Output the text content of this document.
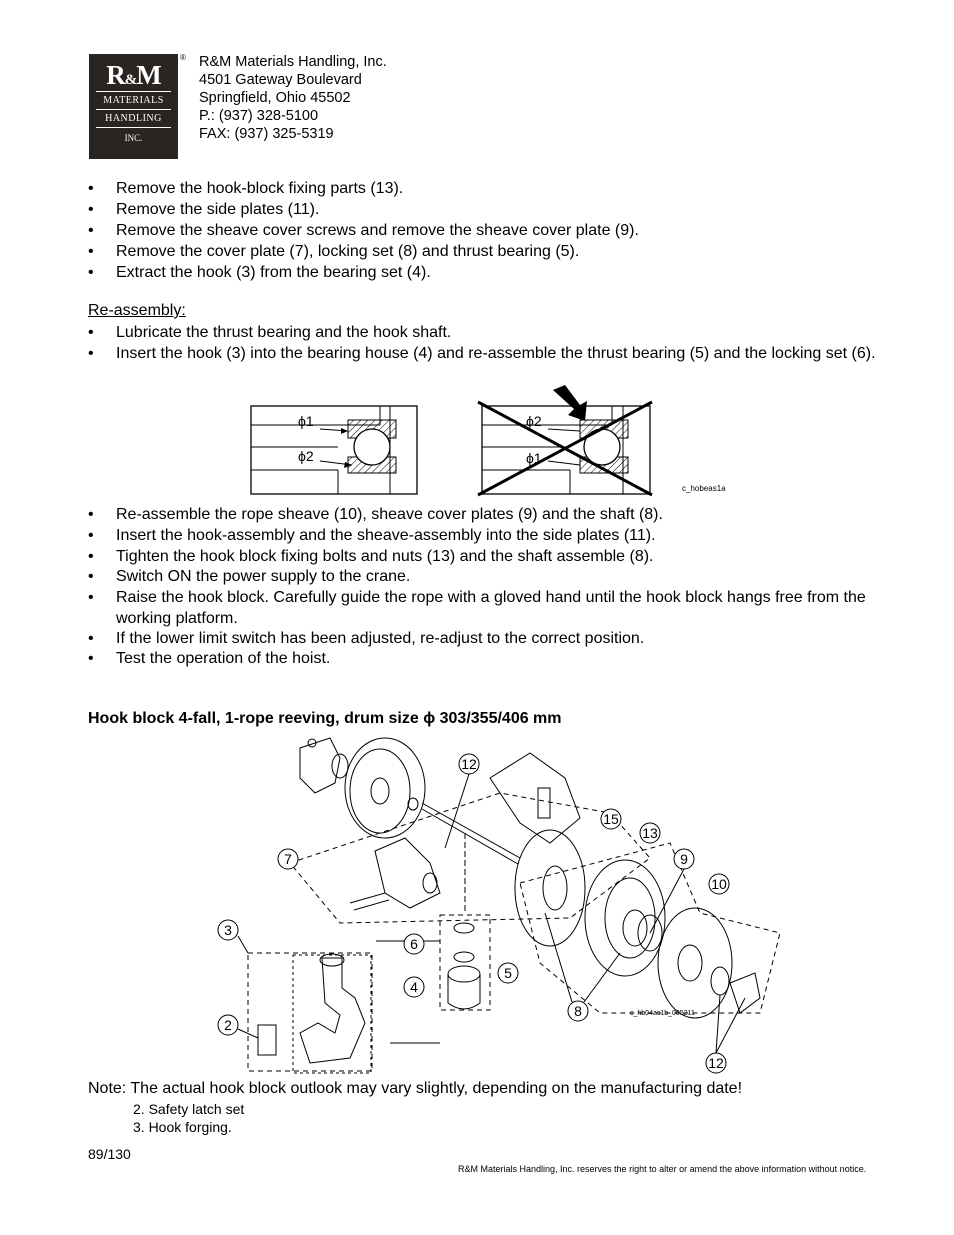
R&M
MATERIALS
HANDLING
INC.
® R&M Materials Handling, Inc.
4501 Gateway Boulevard
Springfield, Ohio 45502
P.: (937) 328-5100
FAX: (937) 325-5319
• Remove the hook-block fixing parts (13).
• Remove the side plates (11).
• Remove the sheave cover screws and remove the sheave cover plate (9).
• Remove the cover plate (7), locking set (8) and thrust bearing (5).
• Extract the hook (3) from the bearing set (4).
Re-assembly:
• Lubricate the thrust bearing and the hook shaft.
• Insert the hook (3) into the bearing house (4) and re-assemble the thrust bearing (5) and the locking set (6).
ϕ1
ϕ2
ϕ2
ϕ1
c_hobeas1a
• Re-assemble the rope sheave (10), sheave cover plates (9) and the shaft (8).
• Insert the hook-assembly and the sheave-assembly into the side plates (11).
• Tighten the hook block fixing bolts and nuts (13) and the shaft assemble (8).
• Switch ON the power supply to the crane.
• Raise the hook block. Carefully guide the rope with a gloved hand until the hook block hangs free from the working platform.
• If the lower limit switch has been adjusted, re-adjust to the correct position.
• Test the operation of the hoist.
Hook block 4-fall, 1-rope reeving, drum size ϕ 303/355/406 mm
12
15
13
7	9
10
3
6
5
4
8
2
12
c_hb04as1b_005211
Note: The actual hook block outlook may vary slightly, depending on the manufacturing date!
2. Safety latch set
3. Hook forging.
89/130
R&M Materials Handling, Inc. reserves the right to alter or amend the above information without notice.
